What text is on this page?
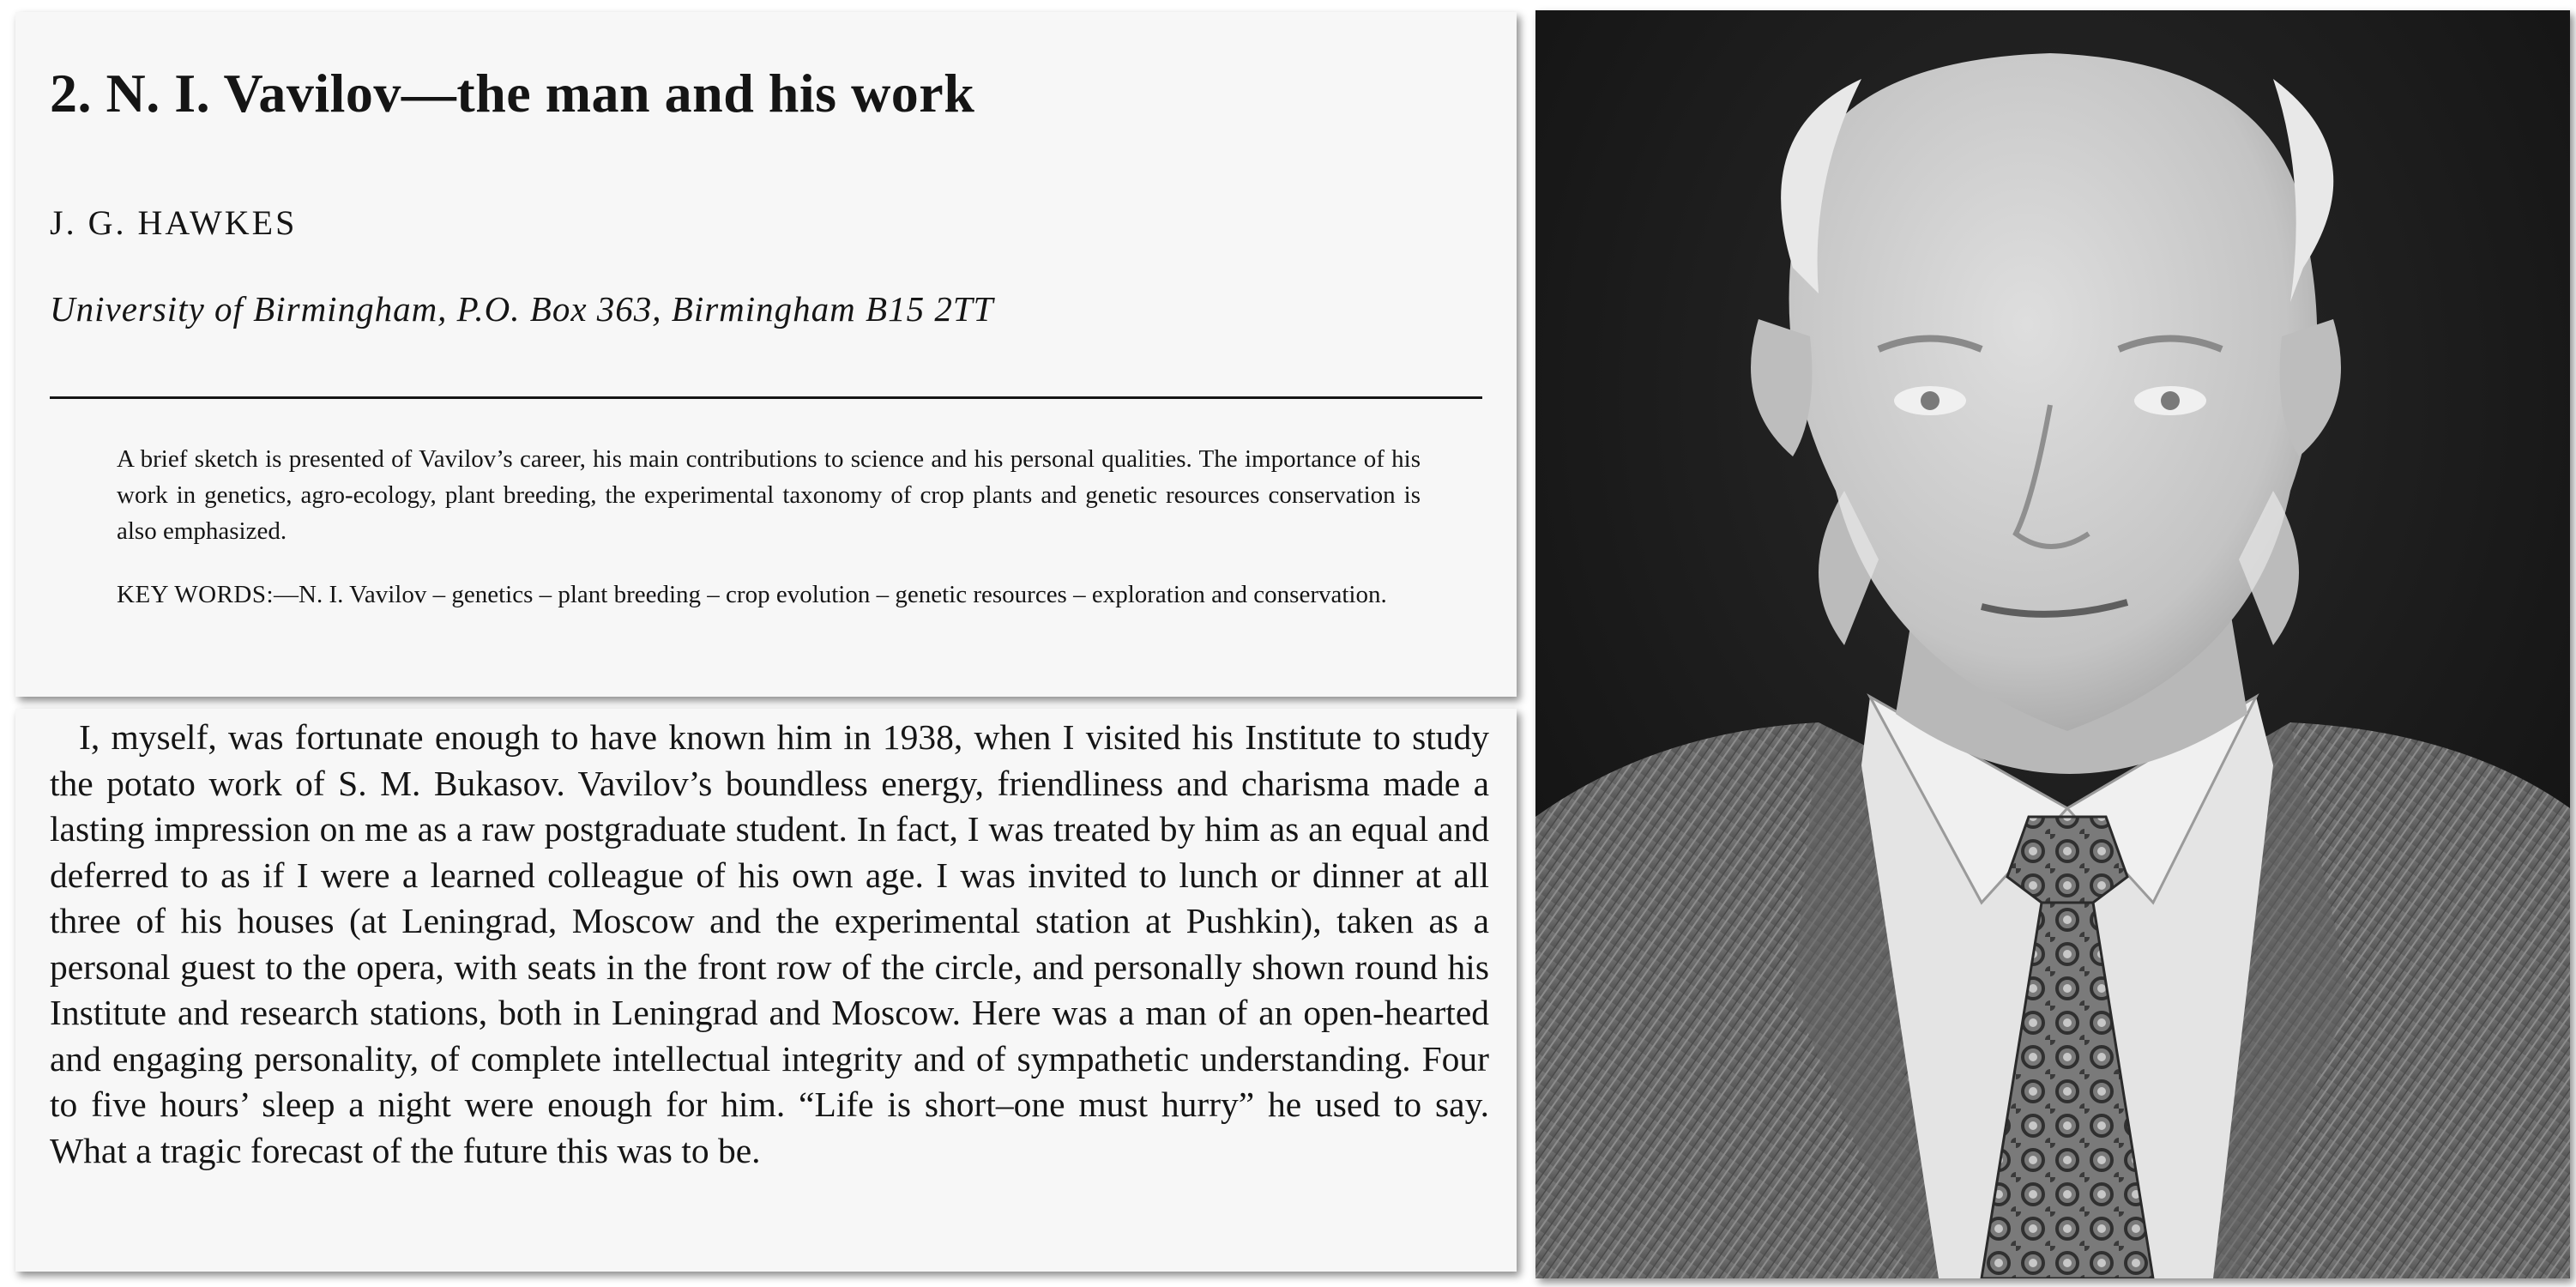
2. N. I. Vavilov—the man and his work
J. G. HAWKES
University of Birmingham, P.O. Box 363, Birmingham B15 2TT

A brief sketch is presented of Vavilov’s career, his main contributions to science and his personal qualities. The importance of his work in genetics, agro-ecology, plant breeding, the experimental taxonomy of crop plants and genetic resources conservation is also emphasized.

KEY WORDS:—N. I. Vavilov – genetics – plant breeding – crop evolution – genetic resources – exploration and conservation.

I, myself, was fortunate enough to have known him in 1938, when I visited his Institute to study the potato work of S. M. Bukasov. Vavilov’s boundless energy, friendliness and charisma made a lasting impression on me as a raw postgraduate student. In fact, I was treated by him as an equal and deferred to as if I were a learned colleague of his own age. I was invited to lunch or dinner at all three of his houses (at Leningrad, Moscow and the experimental station at Pushkin), taken as a personal guest to the opera, with seats in the front row of the circle, and personally shown round his Institute and research stations, both in Leningrad and Moscow. Here was a man of an open-hearted and engaging personality, of complete intellectual integrity and of sympathetic understanding. Four to five hours’ sleep a night were enough for him. “Life is short–one must hurry” he used to say. What a tragic forecast of the future this was to be.
